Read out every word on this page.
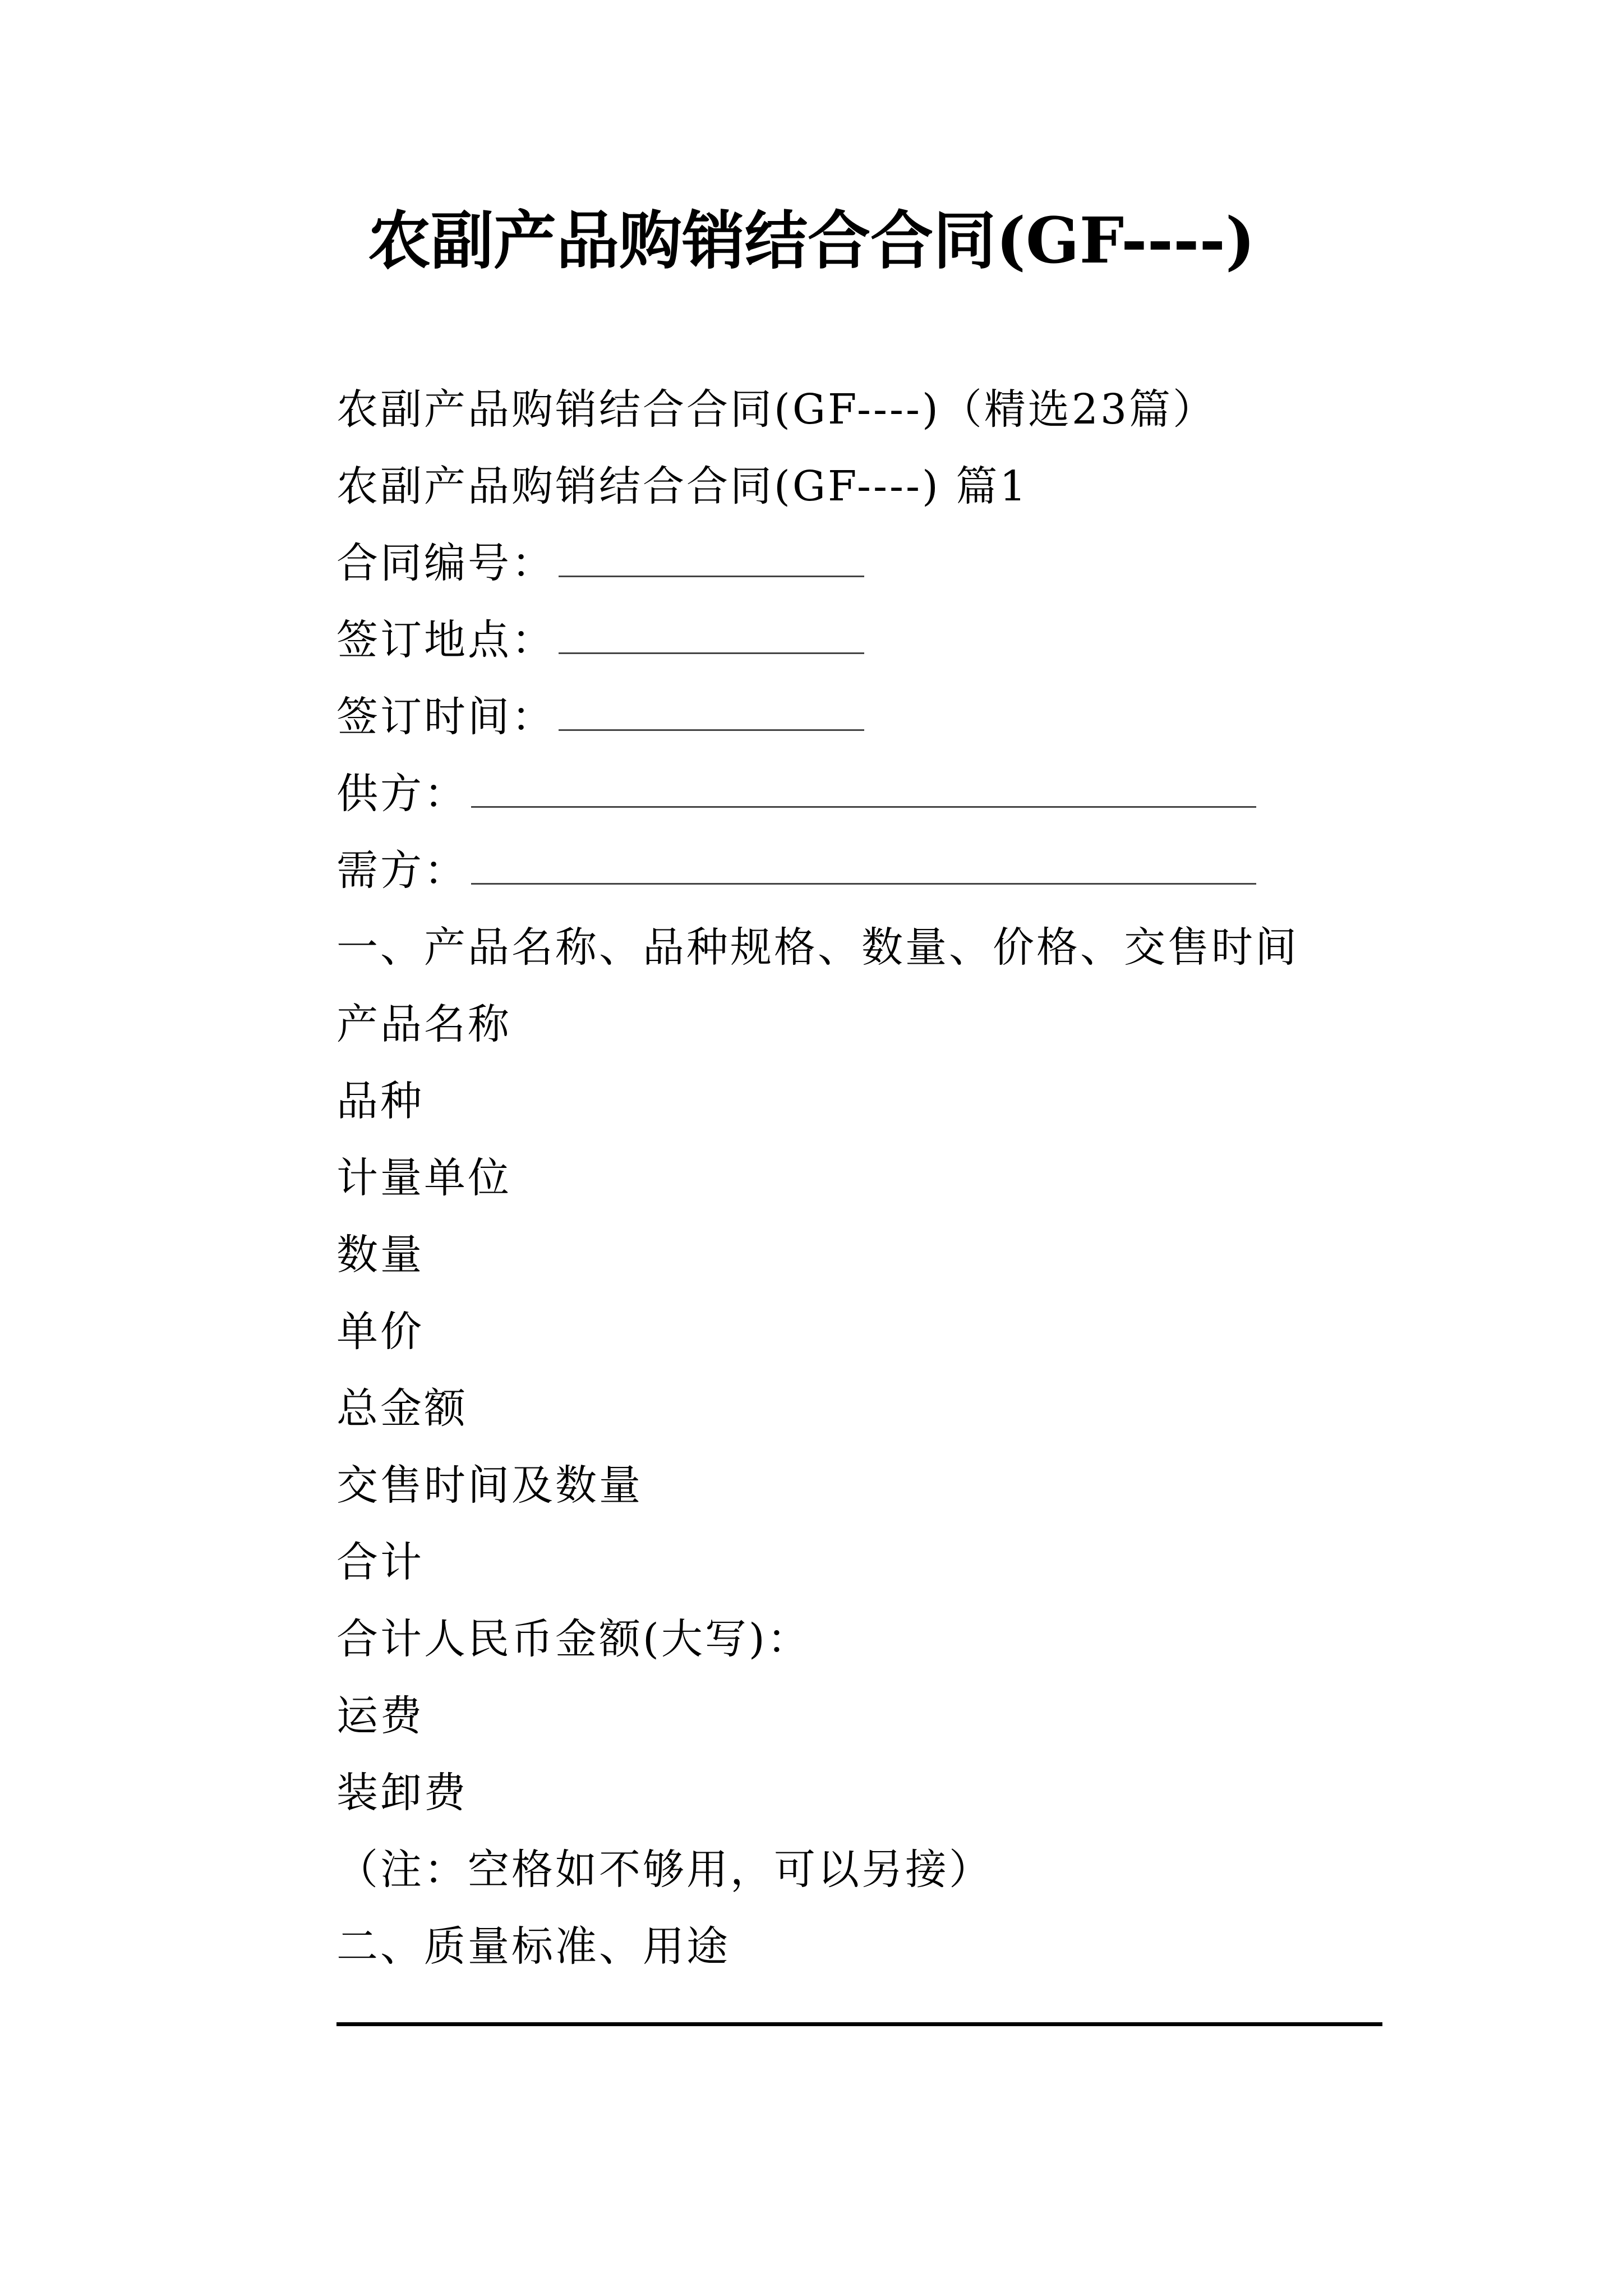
农副产品购销结合合同(GF----)
农副产品购销结合合同(GF----)（精选23篇）
农副产品购销结合合同(GF----) 篇1
合同编号：
签订地点：
签订时间：
供方：
需方：
一、产品名称、品种规格、数量、价格、交售时间
产品名称
品种
计量单位
数量
单价
总金额
交售时间及数量
合计
合计人民币金额(大写)：
运费
装卸费
（注：空格如不够用，可以另接）
二、质量标准、用途
